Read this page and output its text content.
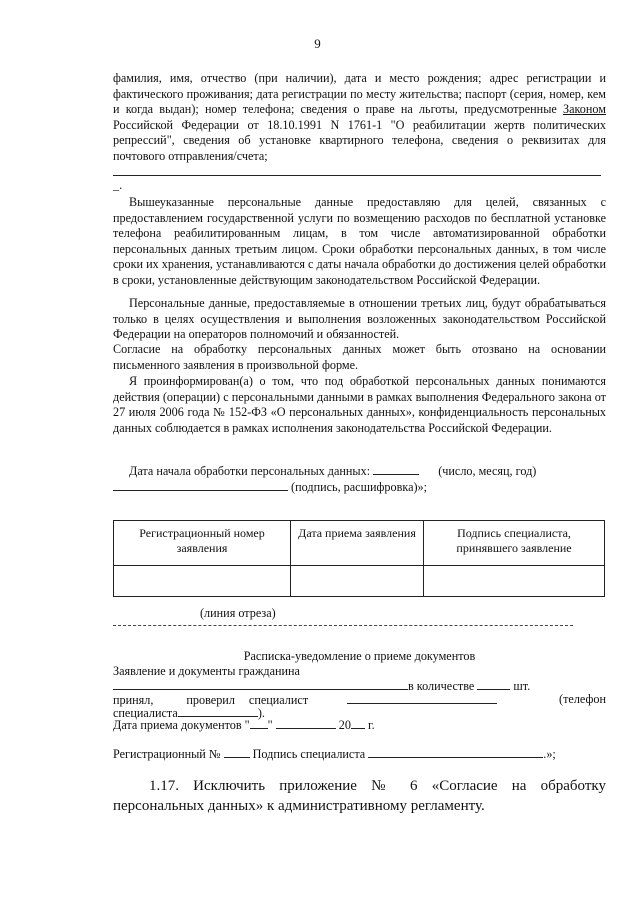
9
фамилия, имя, отчество (при наличии), дата и место рождения; адрес регистрации и фактического проживания; дата регистрации по месту жительства; паспорт (серия, номер, кем и когда выдан); номер телефона; сведения о праве на льготы, предусмотренные Законом Российской Федерации от 18.10.1991 N 1761-1 "О реабилитации жертв политических репрессий", сведения об установке квартирного телефона, сведения о реквизитах для почтового отправления/счета;
_.
Вышеуказанные персональные данные предоставляю для целей, связанных с предоставлением государственной услуги по возмещению расходов по бесплатной установке телефона реабилитированным лицам, в том числе автоматизированной обработки персональных данных третьим лицом. Сроки обработки персональных данных, в том числе сроки их хранения, устанавливаются с даты начала обработки до достижения целей обработки в сроки, установленные действующим законодательством Российской Федерации.
Персональные данные, предоставляемые в отношении третьих лиц, будут обрабатываться только в целях осуществления и выполнения возложенных законодательством Российской Федерации на операторов полномочий и обязанностей.
Согласие на обработку персональных данных может быть отозвано на основании письменного заявления в произвольной форме.
Я проинформирован(а) о том, что под обработкой персональных данных понимаются действия (операции) с персональными данными в рамках выполнения Федерального закона от 27 июля 2006 года № 152-ФЗ «О персональных данных», конфиденциальность персональных данных соблюдается в рамках исполнения законодательства Российской Федерации.
Дата начала обработки персональных данных:	(число, месяц, год)
(подпись, расшифровка)»;
Регистрационный номер заявления	Дата приема заявления	Подпись специалиста, принявшего заявление

(линия отреза)
Расписка-уведомление о приеме документов
Заявление и документы гражданина
в количестве	шт.
принял,	проверил специалист	(телефон
специалиста	).
Дата приема документов " "	20 г.
Регистрационный №	Подпись специалиста	.»;
1.17. Исключить приложение № 6 «Согласие на обработку персональных данных» к административному регламенту.
